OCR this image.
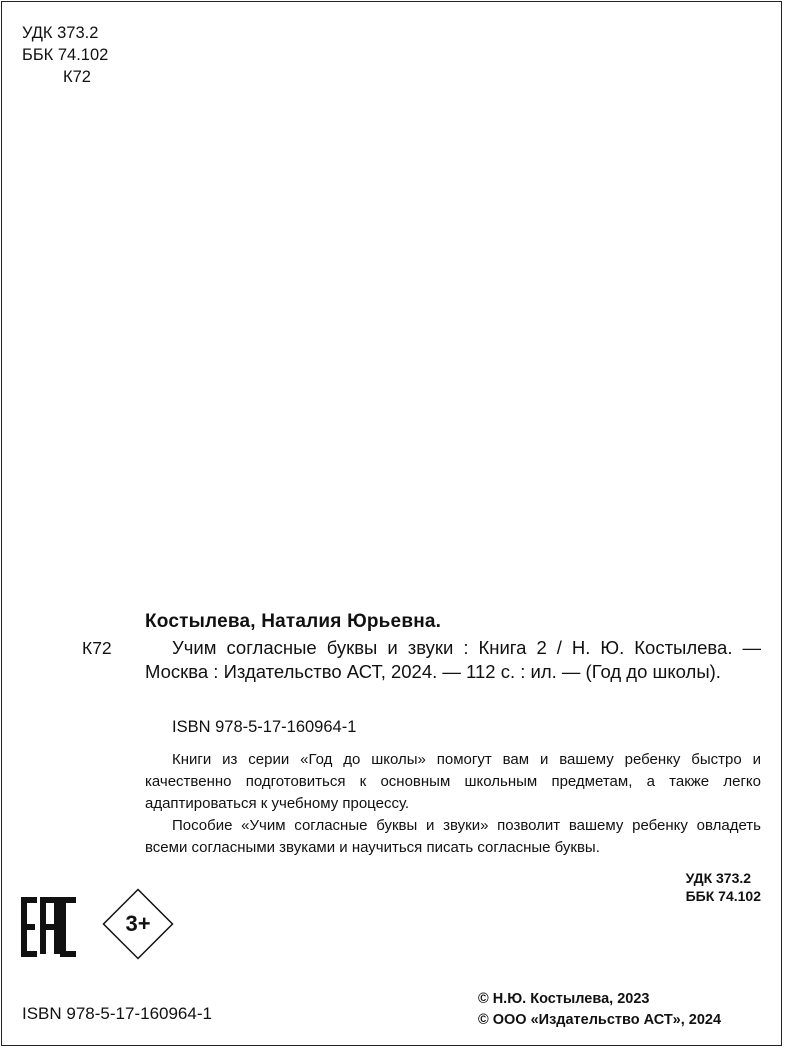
УДК 373.2
ББК 74.102
К72
Костылева, Наталия Юрьевна.
К72	Учим согласные буквы и звуки : Книга 2 / Н. Ю. Костылева. — Москва : Издательство АСТ, 2024. — 112 с. : ил. — (Год до школы).
ISBN 978-5-17-160964-1

Книги из серии «Год до школы» помогут вам и вашему ребенку быстро и качественно подготовиться к основным школьным предметам, а также легко адаптироваться к учебному процессу.

Пособие «Учим согласные буквы и звуки» позволит вашему ребенку овладеть всеми согласными звуками и научиться писать согласные буквы.

УДК 373.2
ББК 74.102
3+
ISBN 978-5-17-160964-1
© Н.Ю. Костылева, 2023
© ООО «Издательство АСТ», 2024
